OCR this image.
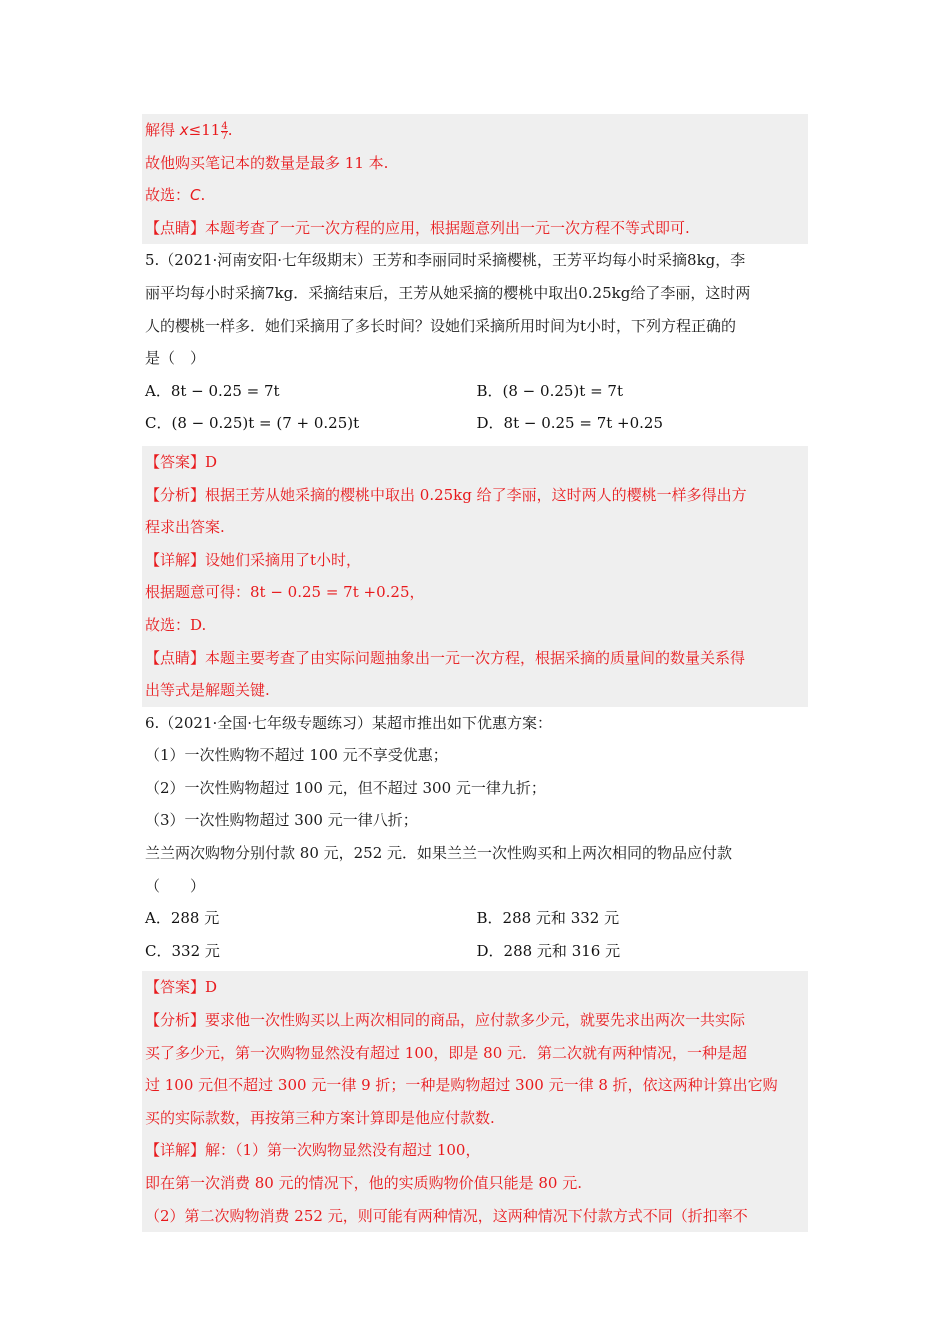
解得 $x\le 11 \frac{4}{7}$ .
故他购买笔记本的数量是最多 11 本.
故选：C.
【点睛】本题考查了一元一次方程的应用，根据题意列出一元一次方程不等式即可.
5.（2021·河南安阳·七年级期末）王芳和李丽同时采摘樱桃，王芳平均每小时采摘8kg，李
丽平均每小时采摘7kg．采摘结束后，王芳从她采摘的樱桃中取出0.25kg给了李丽，这时两
人的樱桃一样多．她们采摘用了多长时间？设她们采摘所用时间为t小时，下列方程正确的
是（　）
A．8t − 0.25 = 7t	B．(8 − 0.25)t = 7t
C．(8 − 0.25)t = (7 + 0.25)t	D．8t − 0.25 = 7t +0.25
【答案】D
【分析】根据王芳从她采摘的樱桃中取出 0.25kg 给了李丽，这时两人的樱桃一样多得出方
程求出答案.
【详解】设她们采摘用了t小时，
根据题意可得：8t − 0.25 = 7t +0.25，
故选：D.
【点睛】本题主要考查了由实际问题抽象出一元一次方程，根据采摘的质量间的数量关系得
出等式是解题关键.
6.（2021·全国·七年级专题练习）某超市推出如下优惠方案：
（1）一次性购物不超过 100 元不享受优惠；
（2）一次性购物超过 100 元，但不超过 300 元一律九折；
（3）一次性购物超过 300 元一律八折；
兰兰两次购物分别付款 80 元，252 元．如果兰兰一次性购买和上两次相同的物品应付款
（　　）
A．288 元	B．288 元和 332 元
C．332 元	D．288 元和 316 元
【答案】D
【分析】要求他一次性购买以上两次相同的商品，应付款多少元，就要先求出两次一共实际
买了多少元，第一次购物显然没有超过 100，即是 80 元．第二次就有两种情况，一种是超
过 100 元但不超过 300 元一律 9 折；一种是购物超过 300 元一律 8 折，依这两种计算出它购
买的实际款数，再按第三种方案计算即是他应付款数.
【详解】解：（1）第一次购物显然没有超过 100，
即在第一次消费 80 元的情况下，他的实质购物价值只能是 80 元.
（2）第二次购物消费 252 元，则可能有两种情况，这两种情况下付款方式不同（折扣率不
